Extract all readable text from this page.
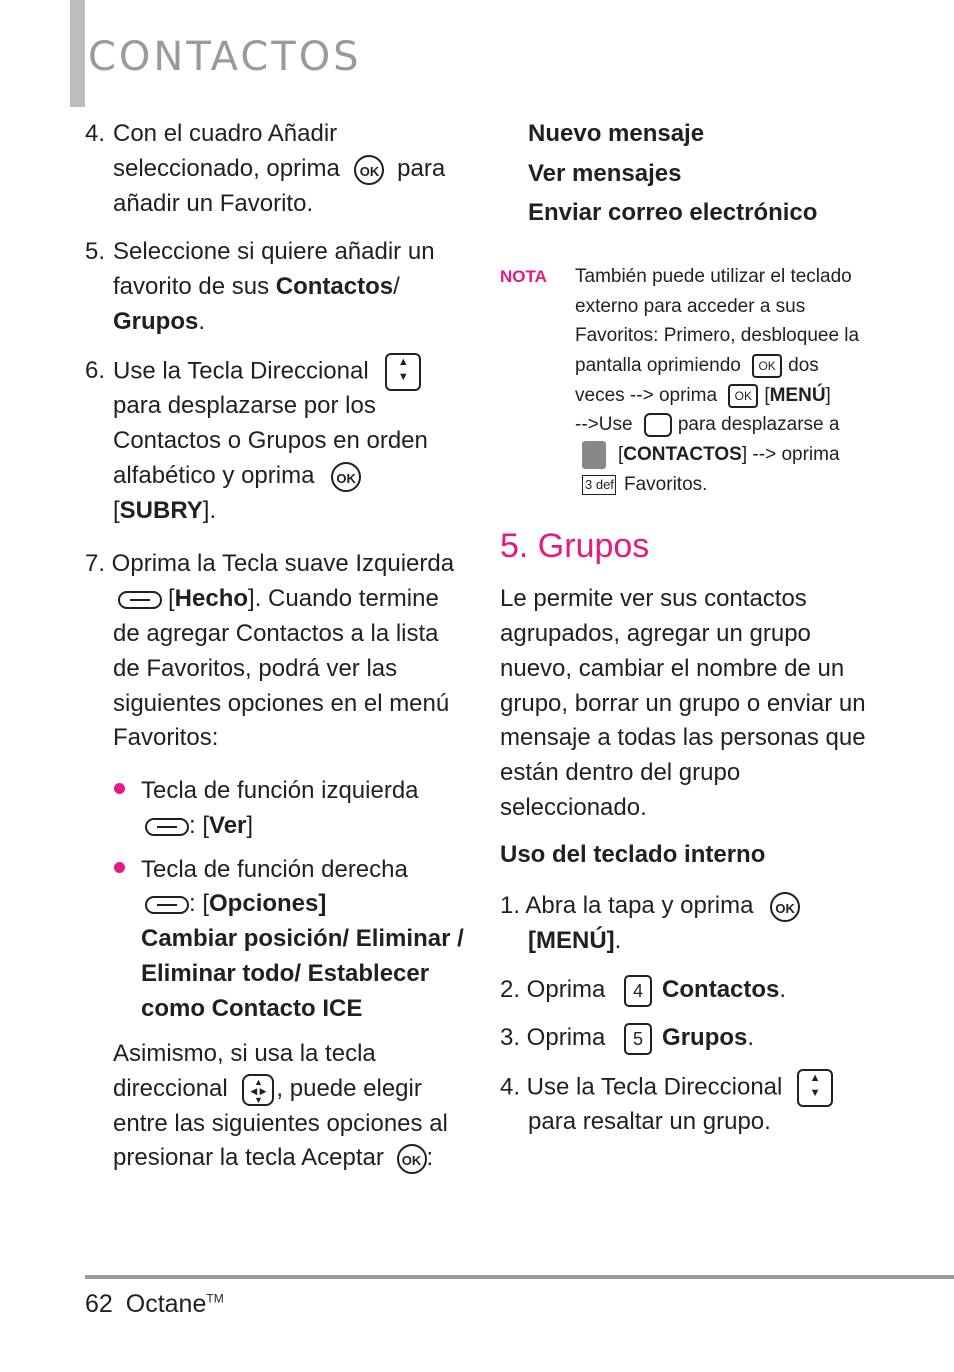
CONTACTOS
4. Con el cuadro Añadir
seleccionado, oprima OK para
añadir un Favorito.
5. Seleccione si quiere añadir un
favorito de sus Contactos/
Grupos.
6. Use la Tecla Direccional	▲
▼
para desplazarse por los
Contactos o Grupos en orden
alfabético y oprima OK
[SUBRY].
7. Oprima la Tecla suave Izquierda
[Hecho]. Cuando termine
de agregar Contactos a la lista
de Favoritos, podrá ver las
siguientes opciones en el menú
Favoritos:
Tecla de función izquierda
: [Ver]
Tecla de función derecha
: [Opciones]
Cambiar posición/ Eliminar /
Eliminar todo/ Establecer
como Contacto ICE
Asimismo, si usa la tecla
direccional	▲
◀ ▶
▼ , puede elegir
entre las siguientes opciones al
presionar la tecla Aceptar OK :
Nuevo mensaje
Ver mensajes
Enviar correo electrónico
NOTA También puede utilizar el teclado
externo para acceder a sus
Favoritos: Primero, desbloquee la
pantalla oprimiendo OK dos
veces --> oprima OK [MENÚ]
-->Use para desplazarse a
[CONTACTOS] --> oprima
3 def Favoritos.
5. Grupos
Le permite ver sus contactos
agrupados, agregar un grupo
nuevo, cambiar el nombre de un
grupo, borrar un grupo o enviar un
mensaje a todas las personas que
están dentro del grupo
seleccionado.
Uso del teclado interno
1. Abra la tapa y oprima OK
[MENÚ].
2. Oprima 4 Contactos.
3. Oprima 5 Grupos.
4. Use la Tecla Direccional ▲
▼
para resaltar un grupo.
62 Octane™
